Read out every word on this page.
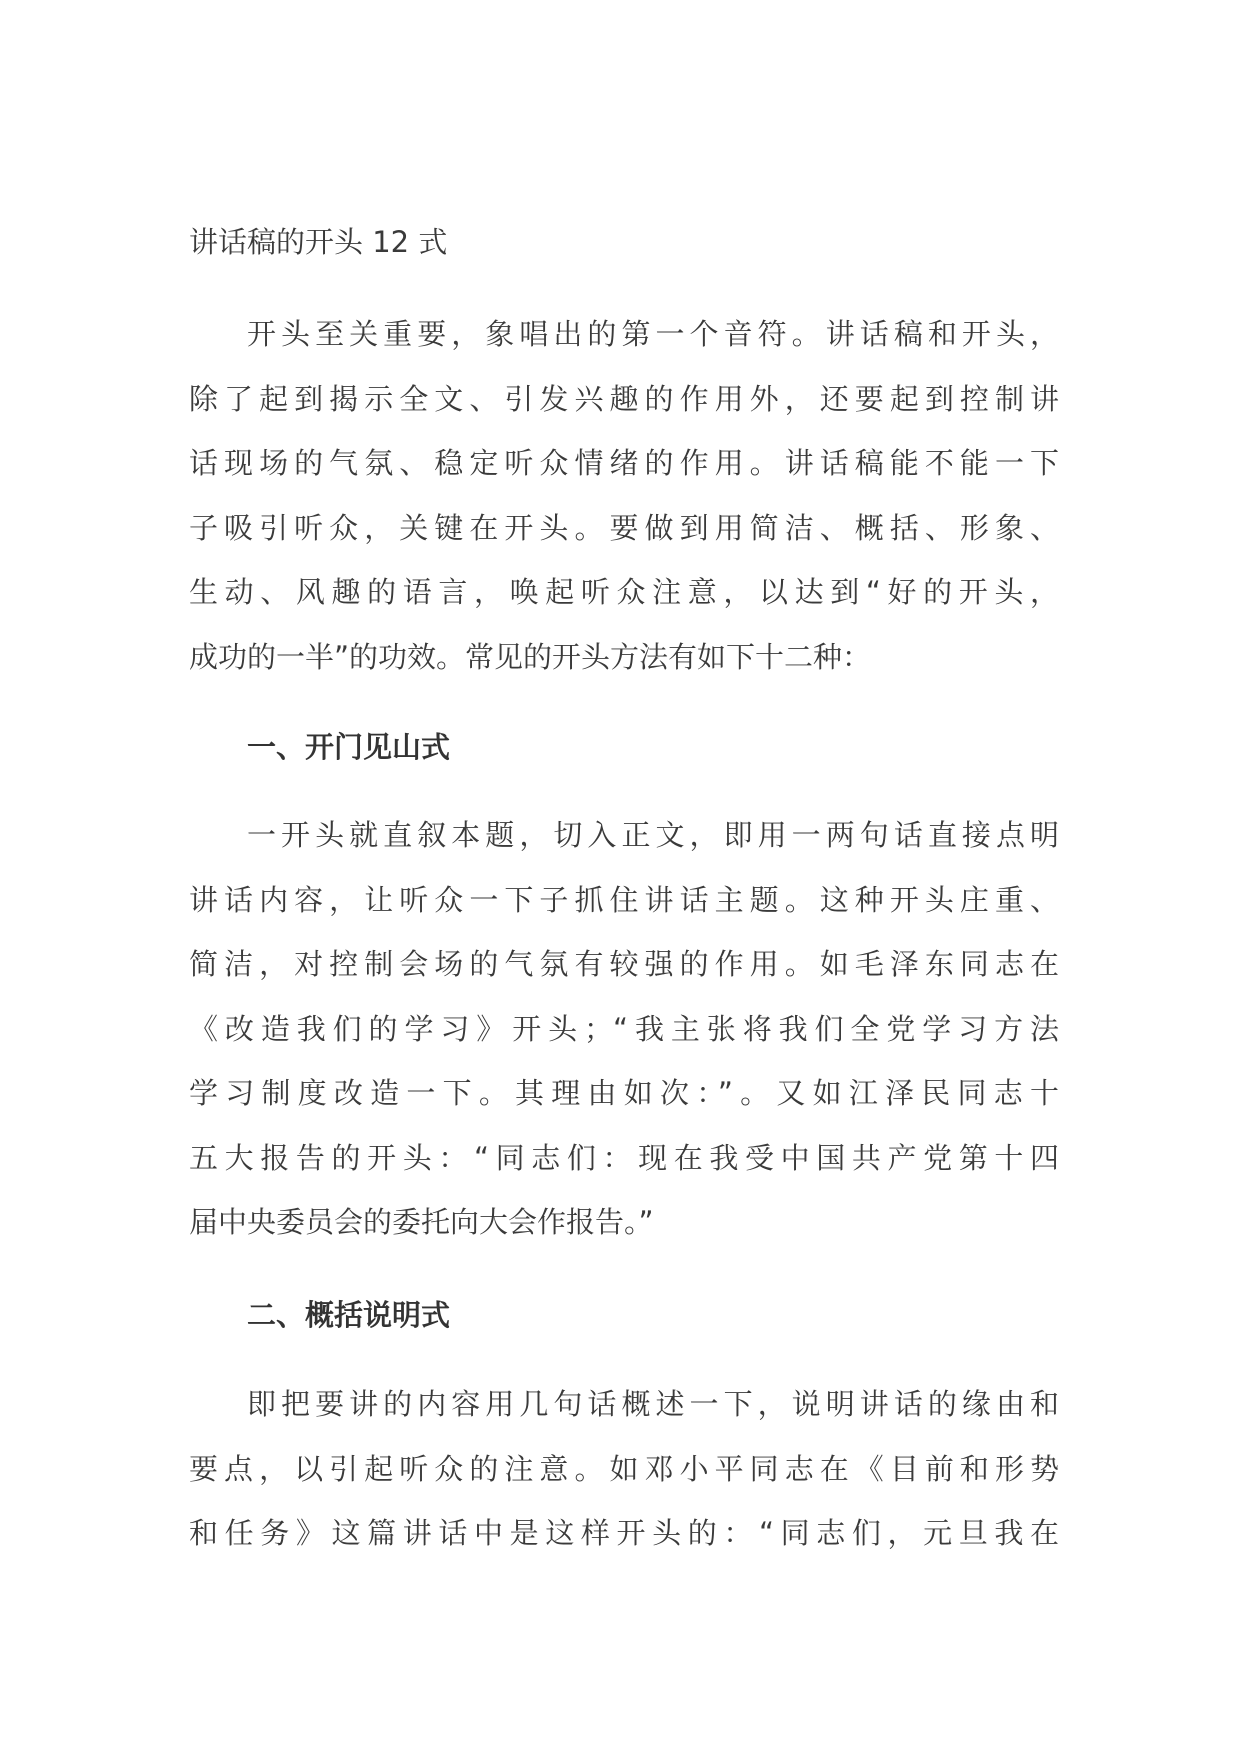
讲话稿的开头 12 式
开头至关重要，象唱出的第一个音符。讲话稿和开头，
除了起到揭示全文、引发兴趣的作用外，还要起到控制讲
话现场的气氛、稳定听众情绪的作用。讲话稿能不能一下
子吸引听众，关键在开头。要做到用简洁、概括、形象、
生动、风趣的语言，唤起听众注意，以达到“好的开头，
成功的一半”的功效。常见的开头方法有如下十二种：
一、开门见山式
一开头就直叙本题，切入正文，即用一两句话直接点明
讲话内容，让听众一下子抓住讲话主题。这种开头庄重、
简洁，对控制会场的气氛有较强的作用。如毛泽东同志在
《改造我们的学习》开头；“我主张将我们全党学习方法
学习制度改造一下。其理由如次：”。又如江泽民同志十
五大报告的开头：“同志们：现在我受中国共产党第十四
届中央委员会的委托向大会作报告。”
二、概括说明式
即把要讲的内容用几句话概述一下，说明讲话的缘由和
要点，以引起听众的注意。如邓小平同志在《目前和形势
和任务》这篇讲话中是这样开头的：“同志们，元旦我在
